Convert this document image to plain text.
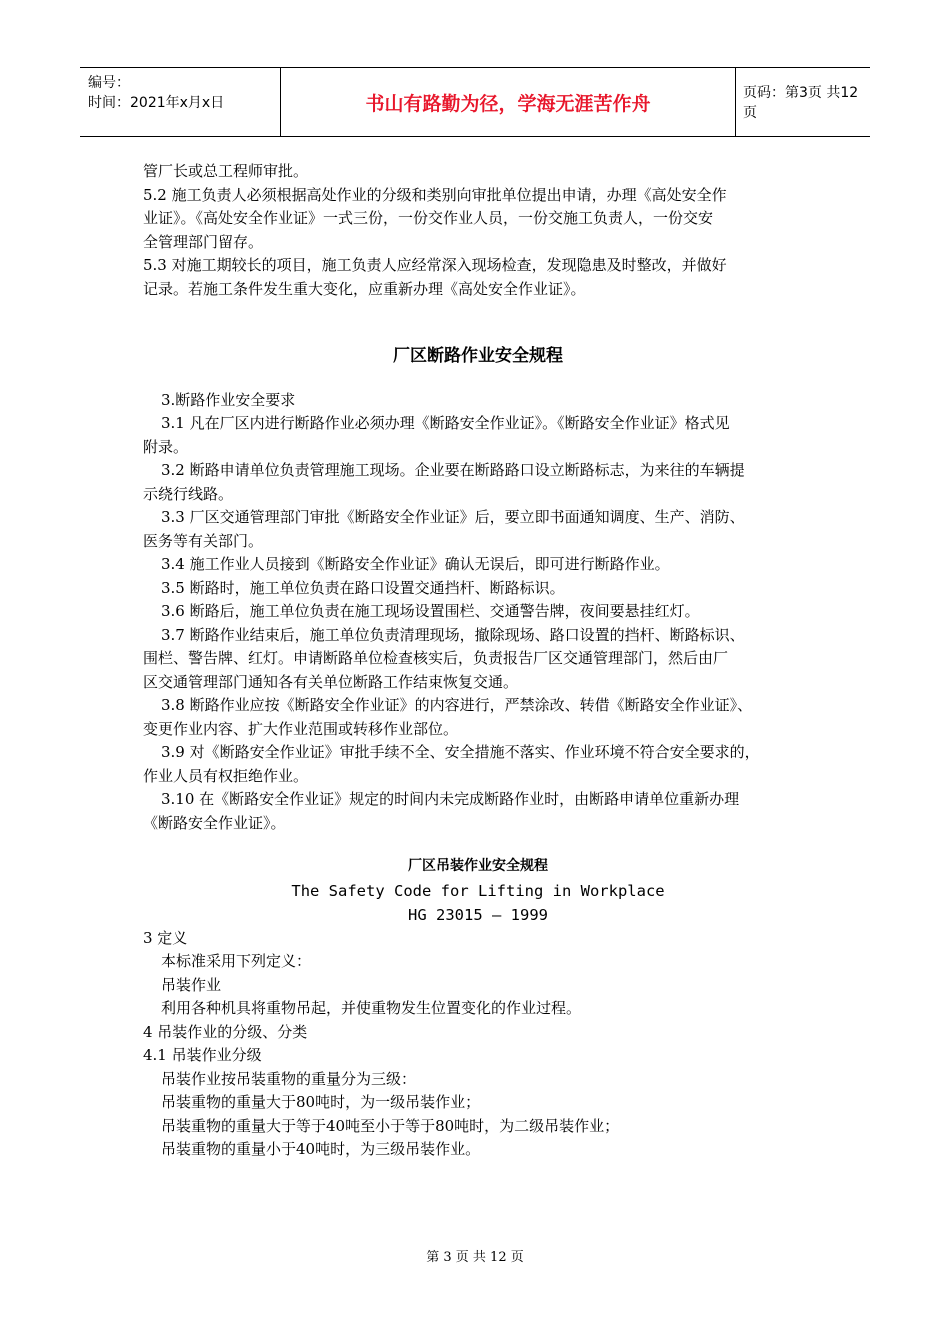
编号：
时间：2021年x月x日	书山有路勤为径，学海无涯苦作舟	页码：第3页 共12页

管厂长或总工程师审批。

5.2 施工负责人必须根据高处作业的分级和类别向审批单位提出申请，办理《高处安全作

业证》。《高处安全作业证》一式三份，一份交作业人员，一份交施工负责人，一份交安

全管理部门留存。

5.3 对施工期较长的项目，施工负责人应经常深入现场检查，发现隐患及时整改，并做好

记录。若施工条件发生重大变化，应重新办理《高处安全作业证》。

厂区断路作业安全规程

3.断路作业安全要求

3.1 凡在厂区内进行断路作业必须办理《断路安全作业证》。《断路安全作业证》格式见

附录。

3.2 断路申请单位负责管理施工现场。企业要在断路路口设立断路标志，为来往的车辆提

示绕行线路。

3.3 厂区交通管理部门审批《断路安全作业证》后，要立即书面通知调度、生产、消防、

医务等有关部门。

3.4 施工作业人员接到《断路安全作业证》确认无误后，即可进行断路作业。

3.5 断路时，施工单位负责在路口设置交通挡杆、断路标识。

3.6 断路后，施工单位负责在施工现场设置围栏、交通警告牌，夜间要悬挂红灯。

3.7 断路作业结束后，施工单位负责清理现场，撤除现场、路口设置的挡杆、断路标识、

围栏、警告牌、红灯。申请断路单位检查核实后，负责报告厂区交通管理部门，然后由厂

区交通管理部门通知各有关单位断路工作结束恢复交通。

3.8 断路作业应按《断路安全作业证》的内容进行，严禁涂改、转借《断路安全作业证》、

变更作业内容、扩大作业范围或转移作业部位。

3.9 对《断路安全作业证》审批手续不全、安全措施不落实、作业环境不符合安全要求的，

作业人员有权拒绝作业。

3.10 在《断路安全作业证》规定的时间内未完成断路作业时，由断路申请单位重新办理

《断路安全作业证》。

厂区吊装作业安全规程

The Safety Code for Lifting in Workplace

HG 23015 – 1999

3 定义

本标准采用下列定义：

吊装作业

利用各种机具将重物吊起，并使重物发生位置变化的作业过程。

4 吊装作业的分级、分类

4.1 吊装作业分级

吊装作业按吊装重物的重量分为三级：

吊装重物的重量大于80吨时，为一级吊装作业；

吊装重物的重量大于等于40吨至小于等于80吨时，为二级吊装作业；

吊装重物的重量小于40吨时，为三级吊装作业。

第 3 页 共 12 页
